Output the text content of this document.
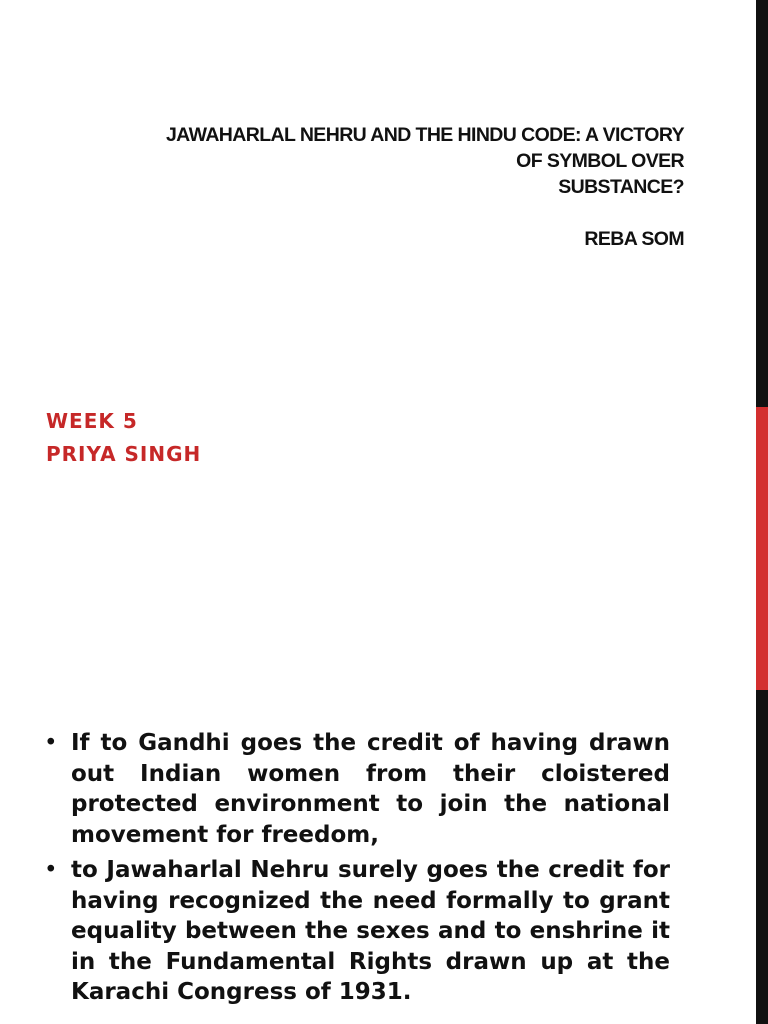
JAWAHARLAL NEHRU AND THE HINDU CODE: A VICTORY
OF SYMBOL OVER
SUBSTANCE?
REBA SOM
WEEK 5
PRIYA SINGH
• If to Gandhi goes the credit of having drawn out Indian women from their cloistered protected environment to join the national movement for freedom,
• to Jawaharlal Nehru surely goes the credit for having recognized the need formally to grant equality between the sexes and to enshrine it in the Fundamental Rights drawn up at the Karachi Congress of 1931.
